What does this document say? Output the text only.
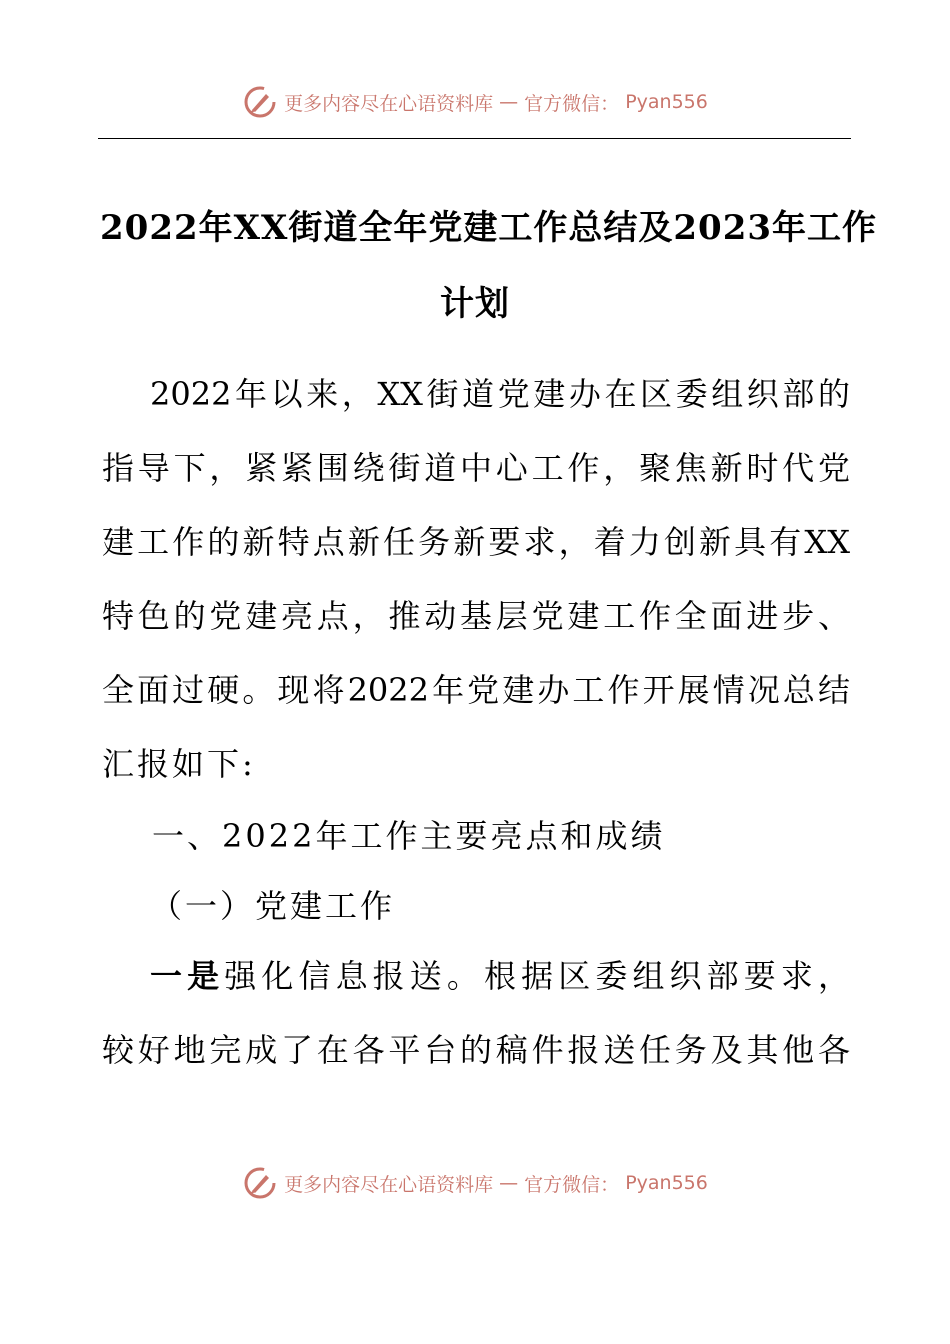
更多内容尽在心语资料库 — 官方微信： Pyan556
2022年XX街道全年党建工作总结及2023年工作
计划
2022年以来，XX街道党建办在区委组织部的
指导下，紧紧围绕街道中心工作，聚焦新时代党
建工作的新特点新任务新要求，着力创新具有XX
特色的党建亮点，推动基层党建工作全面进步、
全面过硬。现将2022年党建办工作开展情况总结
汇报如下:
一、2022年工作主要亮点和成绩
（一）党建工作
一是强化信息报送。根据区委组织部要求，
较好地完成了在各平台的稿件报送任务及其他各
更多内容尽在心语资料库 — 官方微信： Pyan556
